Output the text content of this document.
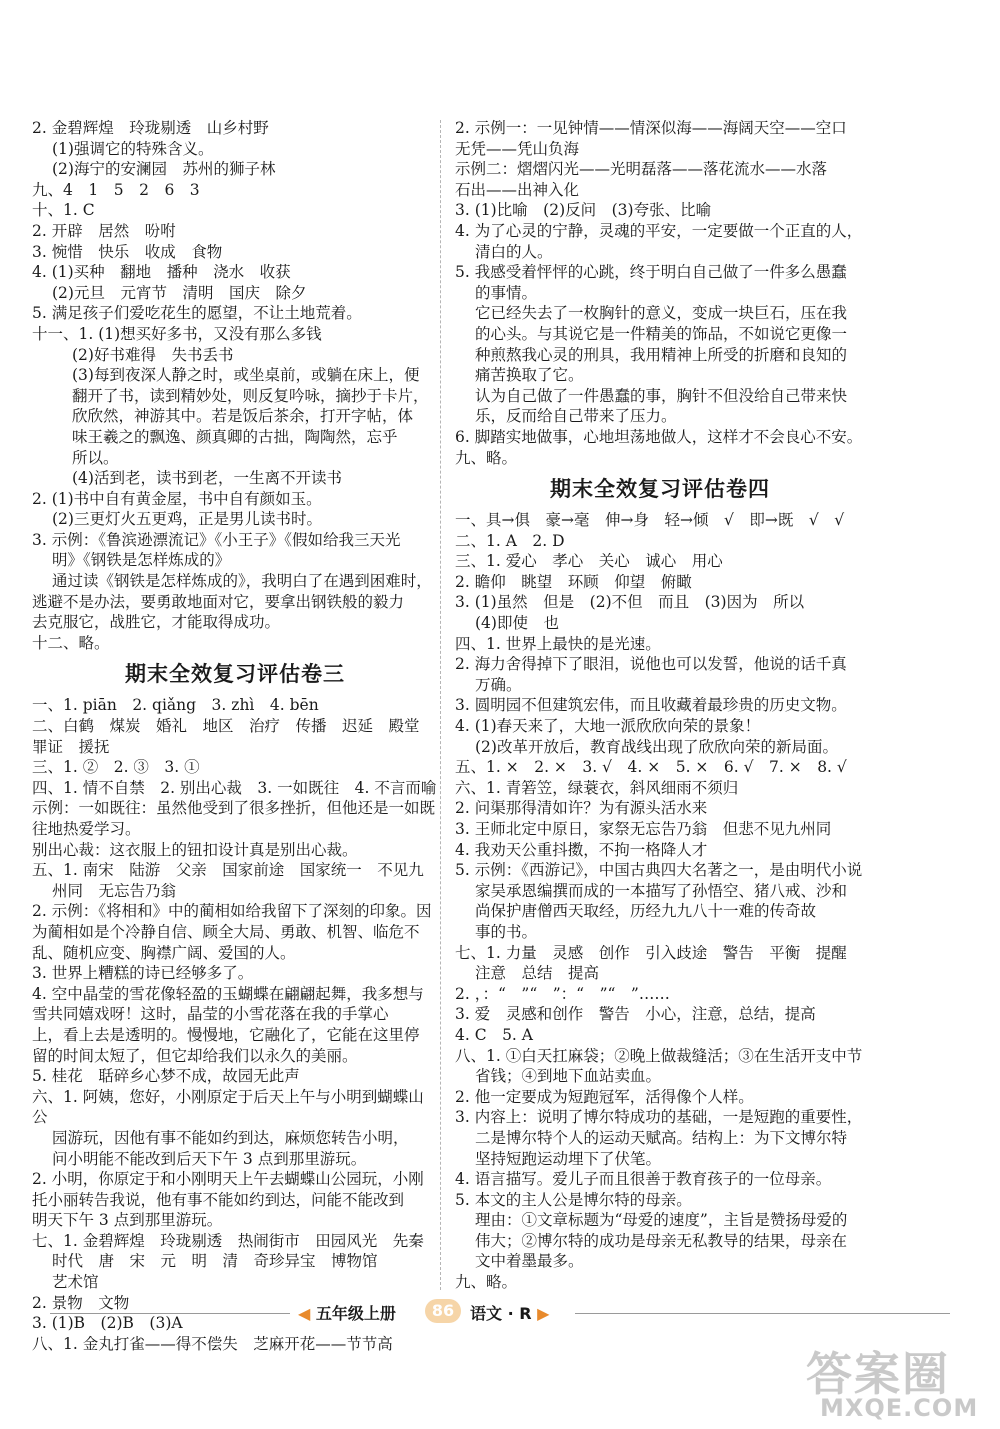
2. 金碧辉煌　玲珑剔透　山乡村野
(1)强调它的特殊含义。
(2)海宁的安澜园　苏州的狮子林
九、4　1　5　2　6　3
十、1. C
2. 开辟　居然　吩咐
3. 惋惜　快乐　收成　食物
4. (1)买种　翻地　播种　浇水　收获
(2)元旦　元宵节　清明　国庆　除夕
5. 满足孩子们爱吃花生的愿望，不让土地荒着。
十一、1. (1)想买好多书，又没有那么多钱
(2)好书难得　失书丢书
(3)每到夜深人静之时，或坐桌前，或躺在床上，便
翻开了书，读到精妙处，则反复吟咏，摘抄于卡片，
欣欣然，神游其中。若是饭后茶余，打开字帖，体
味王羲之的飘逸、颜真卿的古拙，陶陶然，忘乎
所以。
(4)活到老，读书到老，一生离不开读书
2. (1)书中自有黄金屋，书中自有颜如玉。
(2)三更灯火五更鸡，正是男儿读书时。
3. 示例：《鲁滨逊漂流记》《小王子》《假如给我三天光
明》《钢铁是怎样炼成的》
通过读《钢铁是怎样炼成的》，我明白了在遇到困难时，
逃避不是办法，要勇敢地面对它，要拿出钢铁般的毅力
去克服它，战胜它，才能取得成功。
十二、略。
期末全效复习评估卷三
一、1. piān　2. qiǎng　3. zhì　4. bēn
二、白鹤　煤炭　婚礼　地区　治疗　传播　迟延　殿堂
罪证　援抚
三、1. ②　2. ③　3. ①
四、1. 情不自禁　2. 别出心裁　3. 一如既往　4. 不言而喻
示例：一如既往：虽然他受到了很多挫折，但他还是一如既
往地热爱学习。
别出心裁：这衣服上的钮扣设计真是别出心裁。
五、1. 南宋　陆游　父亲　国家前途　国家统一　不见九
州同　无忘告乃翁
2. 示例：《将相和》中的蔺相如给我留下了深刻的印象。因
为蔺相如是个冷静自信、顾全大局、勇敢、机智、临危不
乱、随机应变、胸襟广阔、爱国的人。
3. 世界上糟糕的诗已经够多了。
4. 空中晶莹的雪花像轻盈的玉蝴蝶在翩翩起舞，我多想与
雪共同嬉戏呀！这时，晶莹的小雪花落在我的手掌心
上，看上去是透明的。慢慢地，它融化了，它能在这里停
留的时间太短了，但它却给我们以永久的美丽。
5. 桂花　聒碎乡心梦不成，故园无此声
六、1. 阿姨，您好，小刚原定于后天上午与小明到蝴蝶山公
园游玩，因他有事不能如约到达，麻烦您转告小明，
问小明能不能改到后天下午 3 点到那里游玩。
2. 小明，你原定于和小刚明天上午去蝴蝶山公园玩，小刚
托小丽转告我说，他有事不能如约到达，问能不能改到
明天下午 3 点到那里游玩。
七、1. 金碧辉煌　玲珑剔透　热闹街市　田园风光　先秦
时代　唐　宋　元　明　清　奇珍异宝　博物馆
艺术馆
2. 景物　文物
3. (1)B　(2)B　(3)A
八、1. 金丸打雀——得不偿失　芝麻开花——节节高
2. 示例一：一见钟情——情深似海——海阔天空——空口
无凭——凭山负海
示例二：熠熠闪光——光明磊落——落花流水——水落
石出——出神入化
3. (1)比喻　(2)反问　(3)夸张、比喻
4. 为了心灵的宁静，灵魂的平安，一定要做一个正直的人，
清白的人。
5. 我感受着怦怦的心跳，终于明白自己做了一件多么愚蠢
的事情。
它已经失去了一枚胸针的意义，变成一块巨石，压在我
的心头。与其说它是一件精美的饰品，不如说它更像一
种煎熬我心灵的刑具，我用精神上所受的折磨和良知的
痛苦换取了它。
认为自己做了一件愚蠢的事，胸针不但没给自己带来快
乐，反而给自己带来了压力。
6. 脚踏实地做事，心地坦荡地做人，这样才不会良心不安。
九、略。
期末全效复习评估卷四
一、具→俱　豪→毫　伸→身　轻→倾　√　即→既　√　√
二、1. A　2. D
三、1. 爱心　孝心　关心　诚心　用心
2. 瞻仰　眺望　环顾　仰望　俯瞰
3. (1)虽然　但是　(2)不但　而且　(3)因为　所以
(4)即使　也
四、1. 世界上最快的是光速。
2. 海力舍得掉下了眼泪，说他也可以发誓，他说的话千真
万确。
3. 圆明园不但建筑宏伟，而且收藏着最珍贵的历史文物。
4. (1)春天来了，大地一派欣欣向荣的景象！
(2)改革开放后，教育战线出现了欣欣向荣的新局面。
五、1. ×　2. ×　3. √　4. ×　5. ×　6. √　7. ×　8. √
六、1. 青箬笠，绿蓑衣，斜风细雨不须归
2. 问渠那得清如许？为有源头活水来
3. 王师北定中原日，家祭无忘告乃翁　但悲不见九州同
4. 我劝天公重抖擞，不拘一格降人才
5. 示例：《西游记》，中国古典四大名著之一，是由明代小说
家吴承恩编撰而成的一本描写了孙悟空、猪八戒、沙和
尚保护唐僧西天取经，历经九九八十一难的传奇故
事的书。
七、1. 力量　灵感　创作　引入歧途　警告　平衡　提醒
注意　总结　提高
2. ，：“　”“　”：“　”“　”……
3. 爱　灵感和创作　警告　小心，注意，总结，提高
4. C　5. A
八、1. ①白天扛麻袋；②晚上做裁缝活；③在生活开支中节
省钱；④到地下血站卖血。
2. 他一定要成为短跑冠军，活得像个人样。
3. 内容上：说明了博尔特成功的基础，一是短跑的重要性，
二是博尔特个人的运动天赋高。结构上：为下文博尔特
坚持短跑运动埋下了伏笔。
4. 语言描写。爱儿子而且很善于教育孩子的一位母亲。
5. 本文的主人公是博尔特的母亲。
理由：①文章标题为“母爱的速度”，主旨是赞扬母爱的
伟大；②博尔特的成功是母亲无私教导的结果，母亲在
文中着墨最多。
九、略。
◀ 五年级上册	86 语文 · R ▶
答案圈
MXQE.COM
